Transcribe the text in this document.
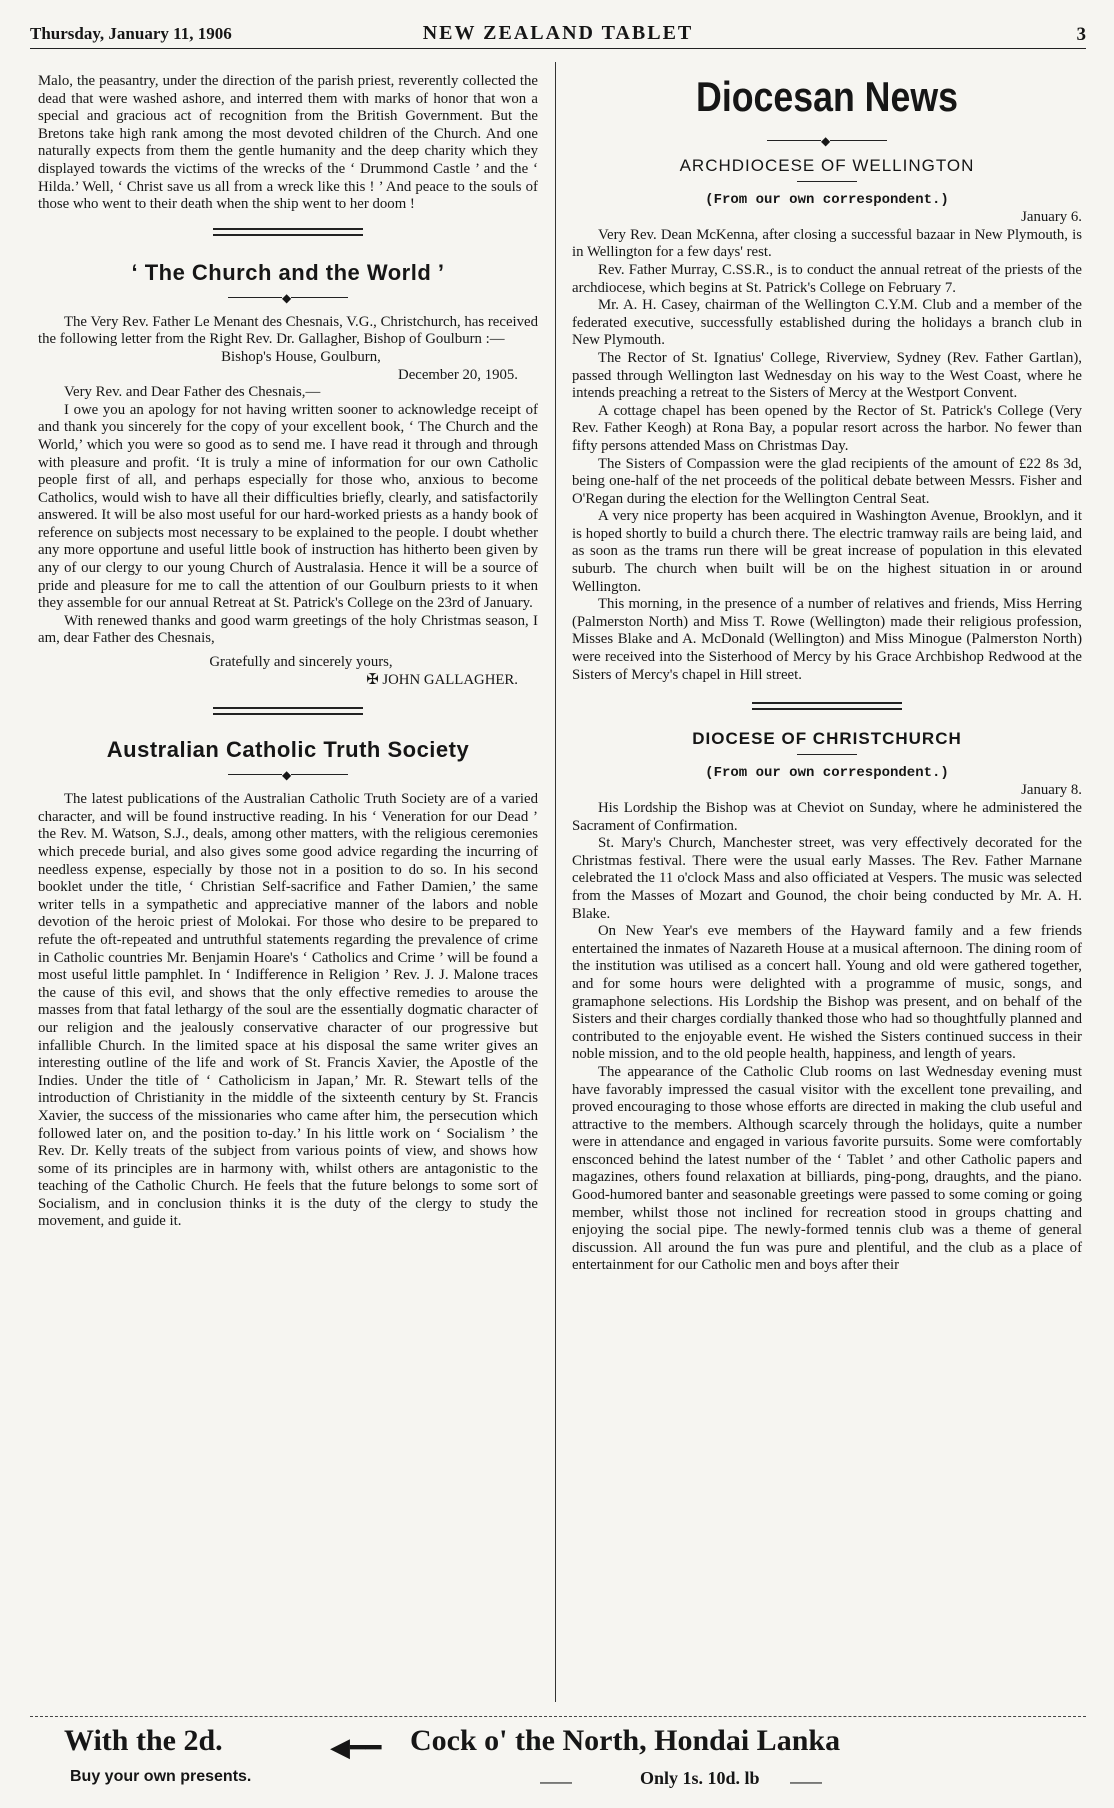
Thursday, January 11, 1906	NEW ZEALAND TABLET	3

Malo, the peasantry, under the direction of the parish priest, reverently collected the dead that were washed ashore, and interred them with marks of honor that won a special and gracious act of recognition from the British Government. But the Bretons take high rank among the most devoted children of the Church. And one naturally expects from them the gentle humanity and the deep charity which they displayed towards the victims of the wrecks of the ‘ Drummond Castle ’ and the ‘ Hilda.’ Well, ‘ Christ save us all from a wreck like this ! ’ And peace to the souls of those who went to their death when the ship went to her doom !

‘ The Church and the World ’
◆

The Very Rev. Father Le Menant des Chesnais, V.G., Christchurch, has received the following letter from the Right Rev. Dr. Gallagher, Bishop of Goulburn :—

Bishop's House, Goulburn,

December 20, 1905.

Very Rev. and Dear Father des Chesnais,—

I owe you an apology for not having written sooner to acknowledge receipt of and thank you sincerely for the copy of your excellent book, ‘ The Church and the World,’ which you were so good as to send me. I have read it through and through with pleasure and profit. ‘It is truly a mine of information for our own Catholic people first of all, and perhaps especially for those who, anxious to become Catholics, would wish to have all their difficulties briefly, clearly, and satisfactorily answered. It will be also most useful for our hard-worked priests as a handy book of reference on subjects most necessary to be explained to the people. I doubt whether any more opportune and useful little book of instruction has hitherto been given by any of our clergy to our young Church of Australasia. Hence it will be a source of pride and pleasure for me to call the attention of our Goulburn priests to it when they assemble for our annual Retreat at St. Patrick's College on the 23rd of January.

With renewed thanks and good warm greetings of the holy Christmas season, I am, dear Father des Chesnais,

Gratefully and sincerely yours,

✠ JOHN GALLAGHER.

Australian Catholic Truth Society
◆

The latest publications of the Australian Catholic Truth Society are of a varied character, and will be found instructive reading. In his ‘ Veneration for our Dead ’ the Rev. M. Watson, S.J., deals, among other matters, with the religious ceremonies which precede burial, and also gives some good advice regarding the incurring of needless expense, especially by those not in a position to do so. In his second booklet under the title, ‘ Christian Self-sacrifice and Father Damien,’ the same writer tells in a sympathetic and appreciative manner of the labors and noble devotion of the heroic priest of Molokai. For those who desire to be prepared to refute the oft-repeated and untruthful statements regarding the prevalence of crime in Catholic countries Mr. Benjamin Hoare's ‘ Catholics and Crime ’ will be found a most useful little pamphlet. In ‘ Indifference in Religion ’ Rev. J. J. Malone traces the cause of this evil, and shows that the only effective remedies to arouse the masses from that fatal lethargy of the soul are the essentially dogmatic character of our religion and the jealously conservative character of our progressive but infallible Church. In the limited space at his disposal the same writer gives an interesting outline of the life and work of St. Francis Xavier, the Apostle of the Indies. Under the title of ‘ Catholicism in Japan,’ Mr. R. Stewart tells of the introduction of Christianity in the middle of the sixteenth century by St. Francis Xavier, the success of the missionaries who came after him, the persecution which followed later on, and the position to-day.’ In his little work on ‘ Socialism ’ the Rev. Dr. Kelly treats of the subject from various points of view, and shows how some of its principles are in harmony with, whilst others are antagonistic to the teaching of the Catholic Church. He feels that the future belongs to some sort of Socialism, and in conclusion thinks it is the duty of the clergy to study the movement, and guide it.

Diocesan News
◆
ARCHDIOCESE OF WELLINGTON
(From our own correspondent.)

January 6.

Very Rev. Dean McKenna, after closing a successful bazaar in New Plymouth, is in Wellington for a few days' rest.

Rev. Father Murray, C.SS.R., is to conduct the annual retreat of the priests of the archdiocese, which begins at St. Patrick's College on February 7.

Mr. A. H. Casey, chairman of the Wellington C.Y.M. Club and a member of the federated executive, successfully established during the holidays a branch club in New Plymouth.

The Rector of St. Ignatius' College, Riverview, Sydney (Rev. Father Gartlan), passed through Wellington last Wednesday on his way to the West Coast, where he intends preaching a retreat to the Sisters of Mercy at the Westport Convent.

A cottage chapel has been opened by the Rector of St. Patrick's College (Very Rev. Father Keogh) at Rona Bay, a popular resort across the harbor. No fewer than fifty persons attended Mass on Christmas Day.

The Sisters of Compassion were the glad recipients of the amount of £22 8s 3d, being one-half of the net proceeds of the political debate between Messrs. Fisher and O'Regan during the election for the Wellington Central Seat.

A very nice property has been acquired in Washington Avenue, Brooklyn, and it is hoped shortly to build a church there. The electric tramway rails are being laid, and as soon as the trams run there will be great increase of population in this elevated suburb. The church when built will be on the highest situation in or around Wellington.

This morning, in the presence of a number of relatives and friends, Miss Herring (Palmerston North) and Miss T. Rowe (Wellington) made their religious profession, Misses Blake and A. McDonald (Wellington) and Miss Minogue (Palmerston North) were received into the Sisterhood of Mercy by his Grace Archbishop Redwood at the Sisters of Mercy's chapel in Hill street.

DIOCESE OF CHRISTCHURCH
(From our own correspondent.)

January 8.

His Lordship the Bishop was at Cheviot on Sunday, where he administered the Sacrament of Confirmation.

St. Mary's Church, Manchester street, was very effectively decorated for the Christmas festival. There were the usual early Masses. The Rev. Father Marnane celebrated the 11 o'clock Mass and also officiated at Vespers. The music was selected from the Masses of Mozart and Gounod, the choir being conducted by Mr. A. H. Blake.

On New Year's eve members of the Hayward family and a few friends entertained the inmates of Nazareth House at a musical afternoon. The dining room of the institution was utilised as a concert hall. Young and old were gathered together, and for some hours were delighted with a programme of music, songs, and gramaphone selections. His Lordship the Bishop was present, and on behalf of the Sisters and their charges cordially thanked those who had so thoughtfully planned and contributed to the enjoyable event. He wished the Sisters continued success in their noble mission, and to the old people health, happiness, and length of years.

The appearance of the Catholic Club rooms on last Wednesday evening must have favorably impressed the casual visitor with the excellent tone prevailing, and proved encouraging to those whose efforts are directed in making the club useful and attractive to the members. Although scarcely through the holidays, quite a number were in attendance and engaged in various favorite pursuits. Some were comfortably ensconced behind the latest number of the ‘ Tablet ’ and other Catholic papers and magazines, others found relaxation at billiards, ping-pong, draughts, and the piano. Good-humored banter and seasonable greetings were passed to some coming or going member, whilst those not inclined for recreation stood in groups chatting and enjoying the social pipe. The newly-formed tennis club was a theme of general discussion. All around the fun was pure and plentiful, and the club as a place of entertainment for our Catholic men and boys after their

With the 2d.	◀━━ Cock o' the North, Hondai Lanka
Buy your own presents.	——	Only 1s. 10d. lb ——
